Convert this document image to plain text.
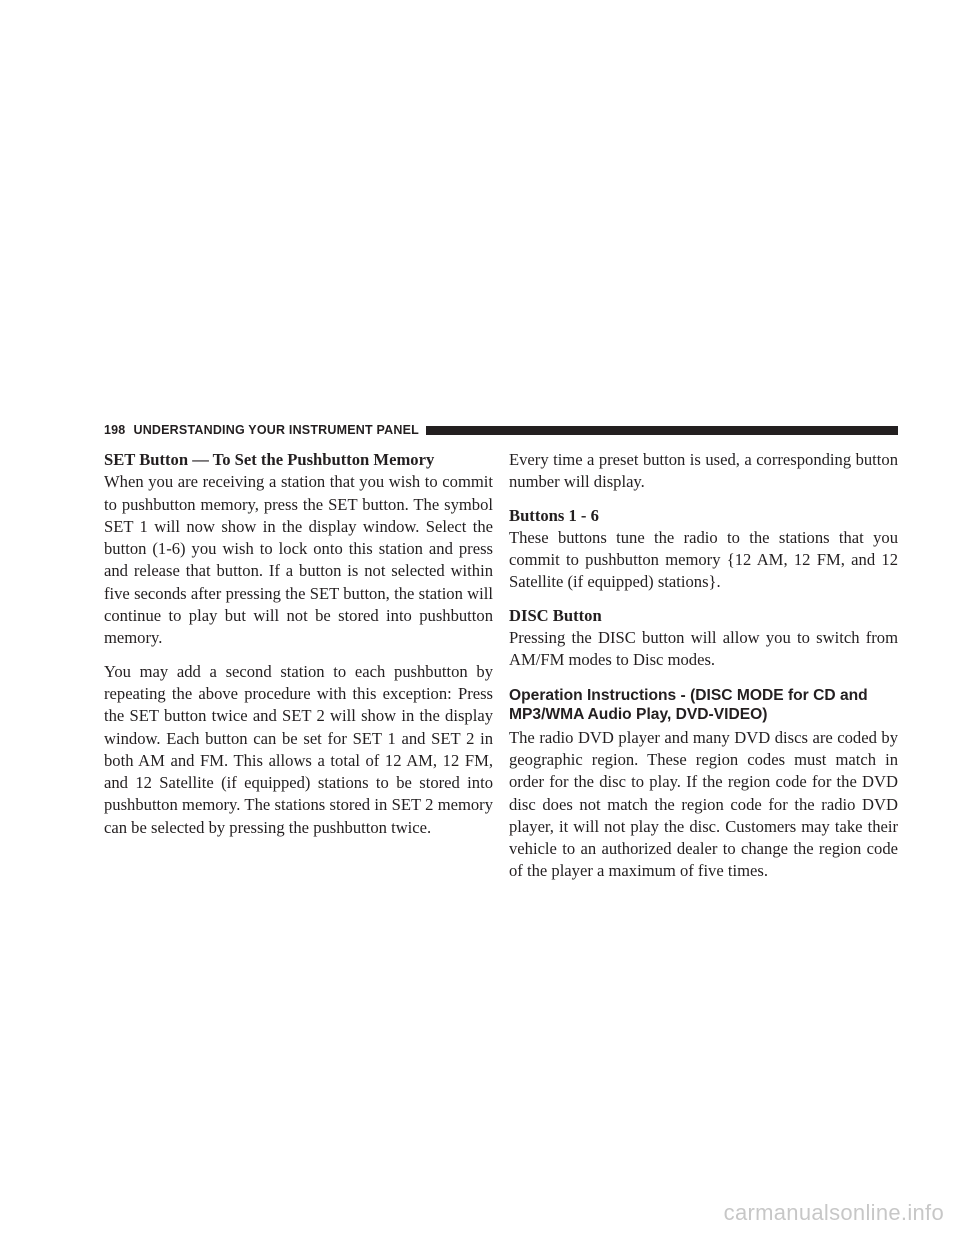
198 UNDERSTANDING YOUR INSTRUMENT PANEL
SET Button — To Set the Pushbutton Memory

When you are receiving a station that you wish to commit to pushbutton memory, press the SET button. The symbol SET 1 will now show in the display window. Select the button (1-6) you wish to lock onto this station and press and release that button. If a button is not selected within five seconds after pressing the SET button, the station will continue to play but will not be stored into pushbutton memory.

You may add a second station to each pushbutton by repeating the above procedure with this exception: Press the SET button twice and SET 2 will show in the display window. Each button can be set for SET 1 and SET 2 in both AM and FM. This allows a total of 12 AM, 12 FM, and 12 Satellite (if equipped) stations to be stored into pushbutton memory. The stations stored in SET 2 memory can be selected by pressing the pushbutton twice.

Every time a preset button is used, a corresponding button number will display.

Buttons 1 - 6

These buttons tune the radio to the stations that you commit to pushbutton memory {12 AM, 12 FM, and 12 Satellite (if equipped) stations}.

DISC Button

Pressing the DISC button will allow you to switch from AM/FM modes to Disc modes.

Operation Instructions - (DISC MODE for CD and
MP3/WMA Audio Play, DVD-VIDEO)

The radio DVD player and many DVD discs are coded by geographic region. These region codes must match in order for the disc to play. If the region code for the DVD disc does not match the region code for the radio DVD player, it will not play the disc. Customers may take their vehicle to an authorized dealer to change the region code of the player a maximum of five times.

carmanualsonline.info
